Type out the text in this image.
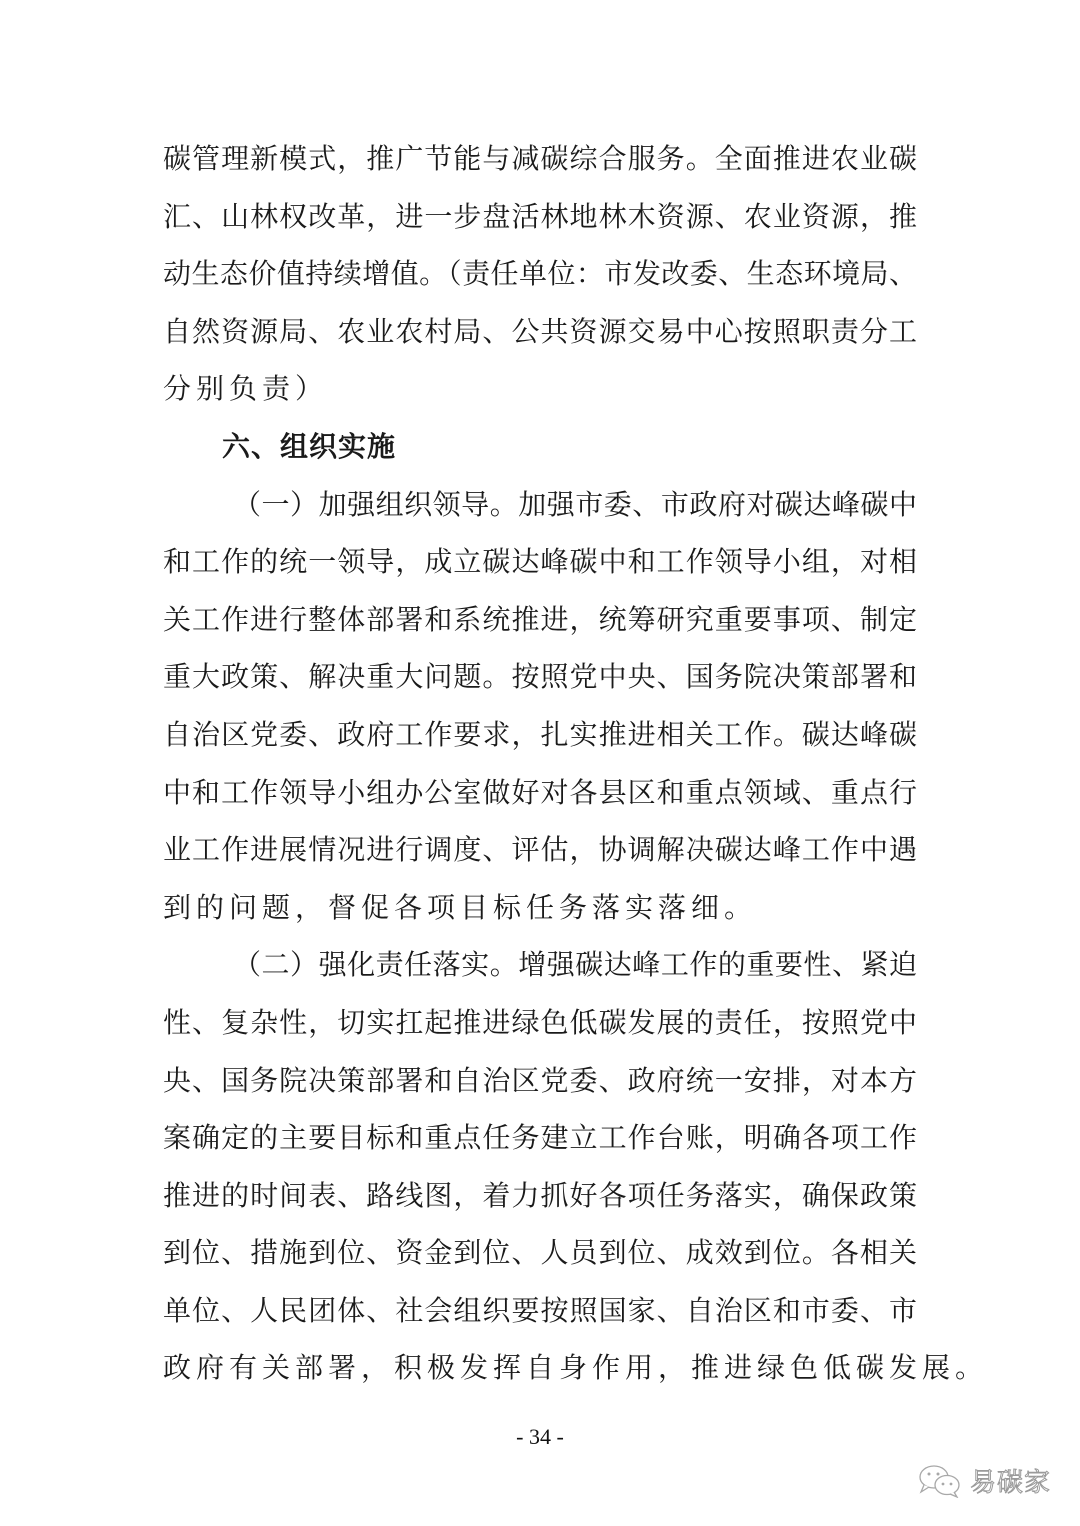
碳管理新模式，推广节能与减碳综合服务。全面推进农业碳
汇、山林权改革，进一步盘活林地林木资源、农业资源，推
动生态价值持续增值。（责任单位：市发改委、生态环境局、
自然资源局、农业农村局、公共资源交易中心按照职责分工
分别负责）
六、组织实施
（一）加强组织领导。加强市委、市政府对碳达峰碳中
和工作的统一领导，成立碳达峰碳中和工作领导小组，对相
关工作进行整体部署和系统推进，统筹研究重要事项、制定
重大政策、解决重大问题。按照党中央、国务院决策部署和
自治区党委、政府工作要求，扎实推进相关工作。碳达峰碳
中和工作领导小组办公室做好对各县区和重点领域、重点行
业工作进展情况进行调度、评估，协调解决碳达峰工作中遇
到的问题，督促各项目标任务落实落细。
（二）强化责任落实。增强碳达峰工作的重要性、紧迫
性、复杂性，切实扛起推进绿色低碳发展的责任，按照党中
央、国务院决策部署和自治区党委、政府统一安排，对本方
案确定的主要目标和重点任务建立工作台账，明确各项工作
推进的时间表、路线图，着力抓好各项任务落实，确保政策
到位、措施到位、资金到位、人员到位、成效到位。各相关
单位、人民团体、社会组织要按照国家、自治区和市委、市
政府有关部署，积极发挥自身作用，推进绿色低碳发展。
- 34 -
易碳家
